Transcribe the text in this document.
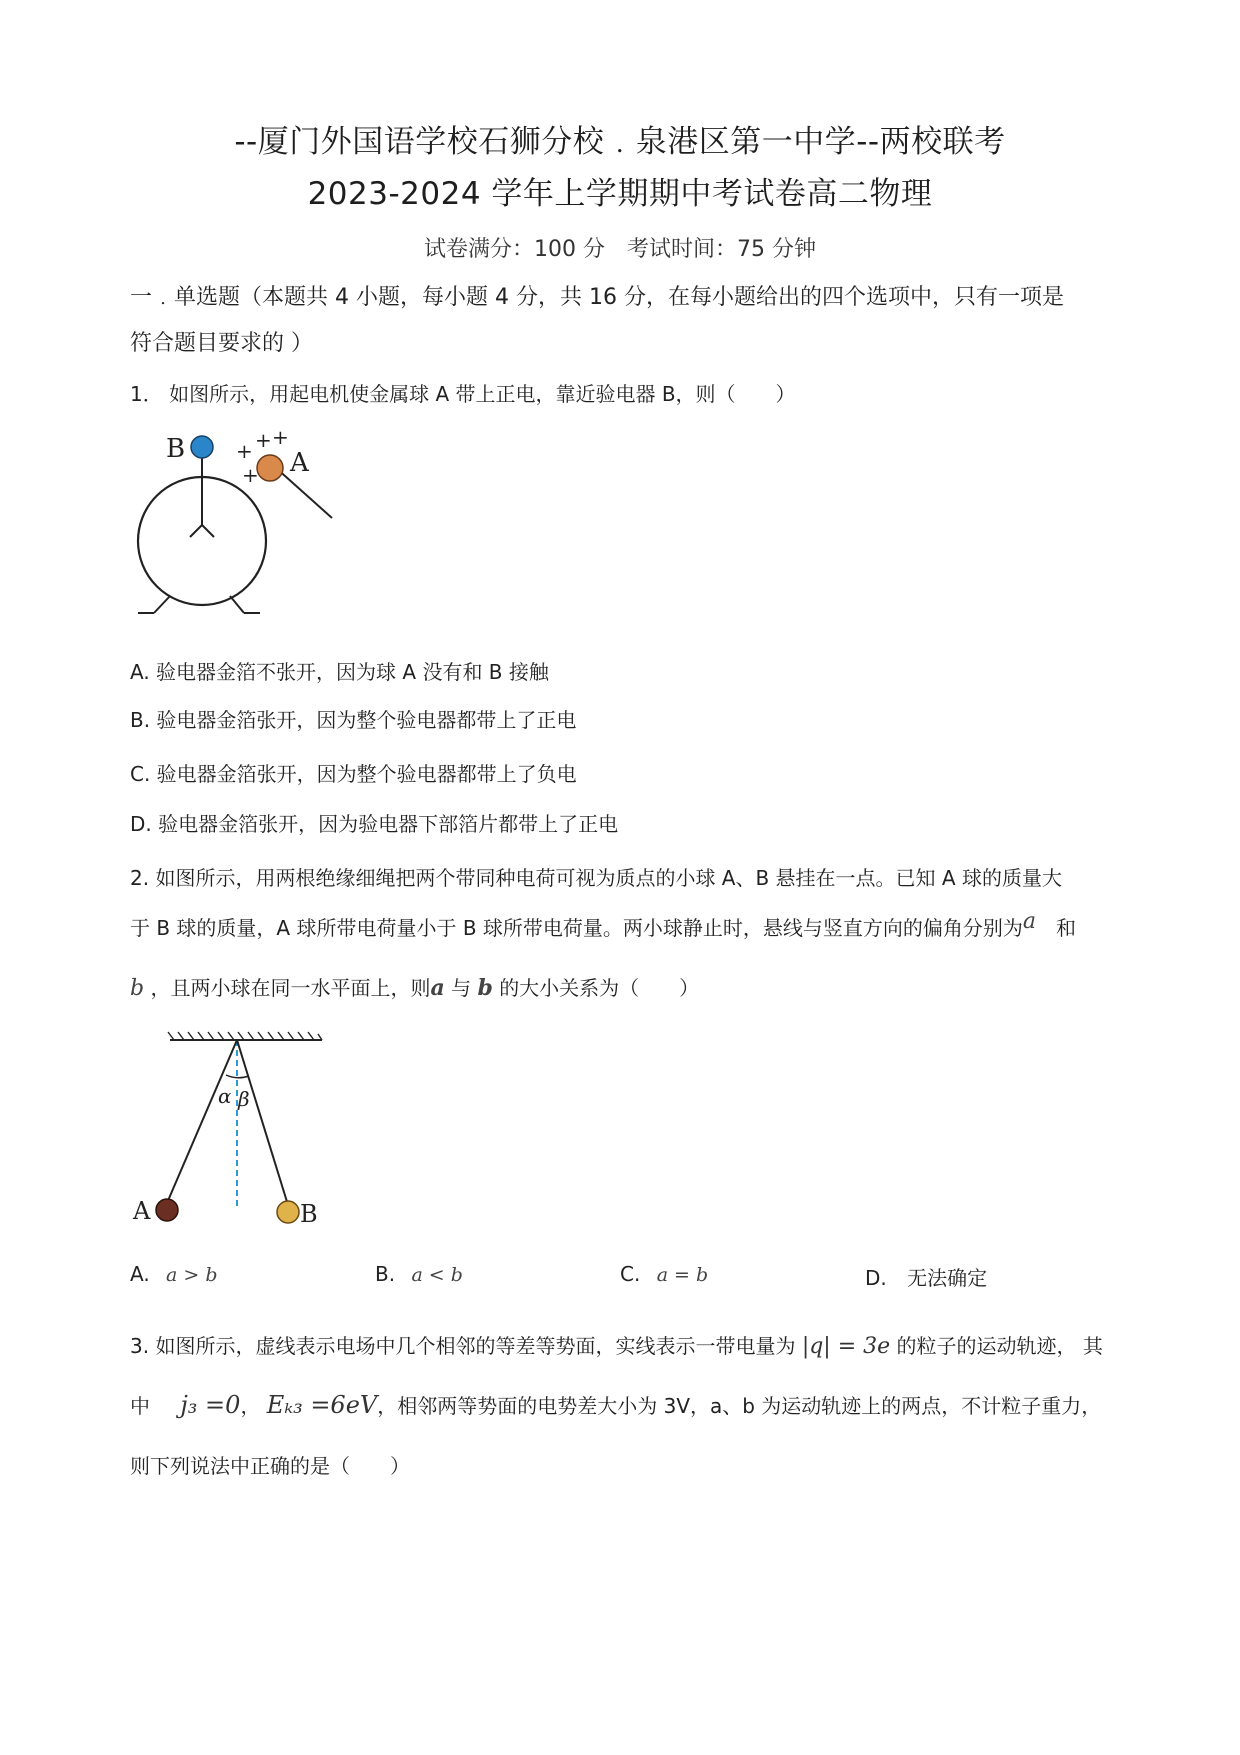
--厦门外国语学校石狮分校﹒泉港区第一中学--两校联考
2023-2024 学年上学期期中考试卷高二物理
试卷满分：100 分　考试时间：75 分钟
一﹒单选题（本题共 4 小题，每小题 4 分，共 16 分，在每小题给出的四个选项中，只有一项是
符合题目要求的 ）
1． 如图所示，用起电机使金属球 A 带上正电，靠近验电器 B，则（　　）
B	A
+ + +
+
A. 验电器金箔不张开，因为球 A 没有和 B 接触
B. 验电器金箔张开，因为整个验电器都带上了正电
C. 验电器金箔张开，因为整个验电器都带上了负电
D. 验电器金箔张开，因为验电器下部箔片都带上了正电
2. 如图所示，用两根绝缘细绳把两个带同种电荷可视为质点的小球 A、B 悬挂在一点。已知 A 球的质量大
于 B 球的质量，A 球所带电荷量小于 B 球所带电荷量。两小球静止时，悬线与竖直方向的偏角分别为a　 和
b ，且两小球在同一水平面上，则a 与 b 的大小关系为（　　）
A	B
α β
A. a > b	B. a < b	C. a = b	D. 无法确定
3. 如图所示，虚线表示电场中几个相邻的等差等势面，实线表示一带电量为 |q| = 3e 的粒子的运动轨迹， 其
中 j₃ =0， Eₖ₃ =6eV，相邻两等势面的电势差大小为 3V，a、b 为运动轨迹上的两点，不计粒子重力，
则下列说法中正确的是（　　）
